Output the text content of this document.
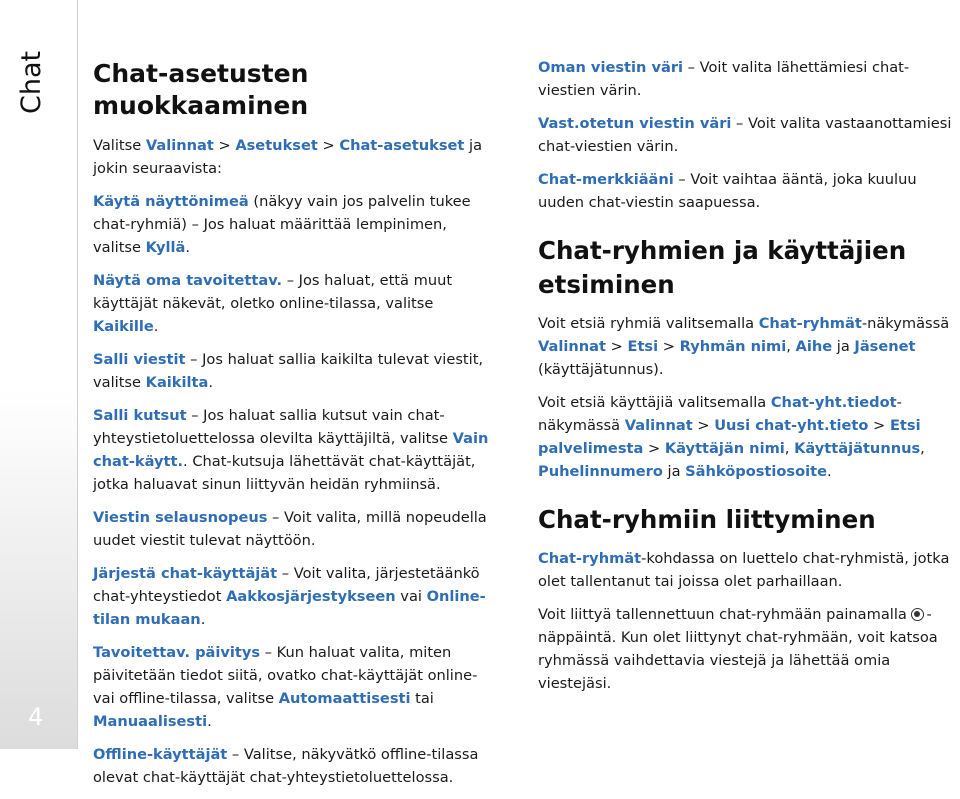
Chat
4
Chat-asetusten muokkaaminen

Valitse Valinnat > Asetukset > Chat-asetukset ja jokin seuraavista:

Käytä näyttönimeä (näkyy vain jos palvelin tukee chat-ryhmiä) – Jos haluat määrittää lempinimen, valitse Kyllä.

Näytä oma tavoitettav. – Jos haluat, että muut käyttäjät näkevät, oletko online-tilassa, valitse Kaikille.

Salli viestit – Jos haluat sallia kaikilta tulevat viestit, valitse Kaikilta.

Salli kutsut – Jos haluat sallia kutsut vain chat-yhteystietoluettelossa olevilta käyttäjiltä, valitse Vain chat-käytt.. Chat-kutsuja lähettävät chat-käyttäjät, jotka haluavat sinun liittyvän heidän ryhmiinsä.

Viestin selausnopeus – Voit valita, millä nopeudella uudet viestit tulevat näyttöön.

Järjestä chat-käyttäjät – Voit valita, järjestetäänkö chat-yhteystiedot Aakkosjärjestykseen vai Online-tilan mukaan.

Tavoitettav. päivitys – Kun haluat valita, miten päivitetään tiedot siitä, ovatko chat-käyttäjät online- vai offline-tilassa, valitse Automaattisesti tai Manuaalisesti.

Offline-käyttäjät – Valitse, näkyvätkö offline-tilassa olevat chat-käyttäjät chat-yhteystietoluettelossa.

Oman viestin väri – Voit valita lähettämiesi chat-viestien värin.

Vast.otetun viestin väri – Voit valita vastaanottamiesi chat-viestien värin.

Chat-merkkiääni – Voit vaihtaa ääntä, joka kuuluu uuden chat-viestin saapuessa.

Chat-ryhmien ja käyttäjien etsiminen

Voit etsiä ryhmiä valitsemalla Chat-ryhmät-näkymässä Valinnat > Etsi > Ryhmän nimi, Aihe ja Jäsenet (käyttäjätunnus).

Voit etsiä käyttäjiä valitsemalla Chat-yht.tiedot-näkymässä Valinnat > Uusi chat-yht.tieto > Etsi palvelimesta > Käyttäjän nimi, Käyttäjätunnus, Puhelinnumero ja Sähköpostiosoite.

Chat-ryhmiin liittyminen

Chat-ryhmät-kohdassa on luettelo chat-ryhmistä, jotka olet tallentanut tai joissa olet parhaillaan.

Voit liittyä tallennettuun chat-ryhmään painamalla -näppäintä. Kun olet liittynyt chat-ryhmään, voit katsoa ryhmässä vaihdettavia viestejä ja lähettää omia viestejäsi.
